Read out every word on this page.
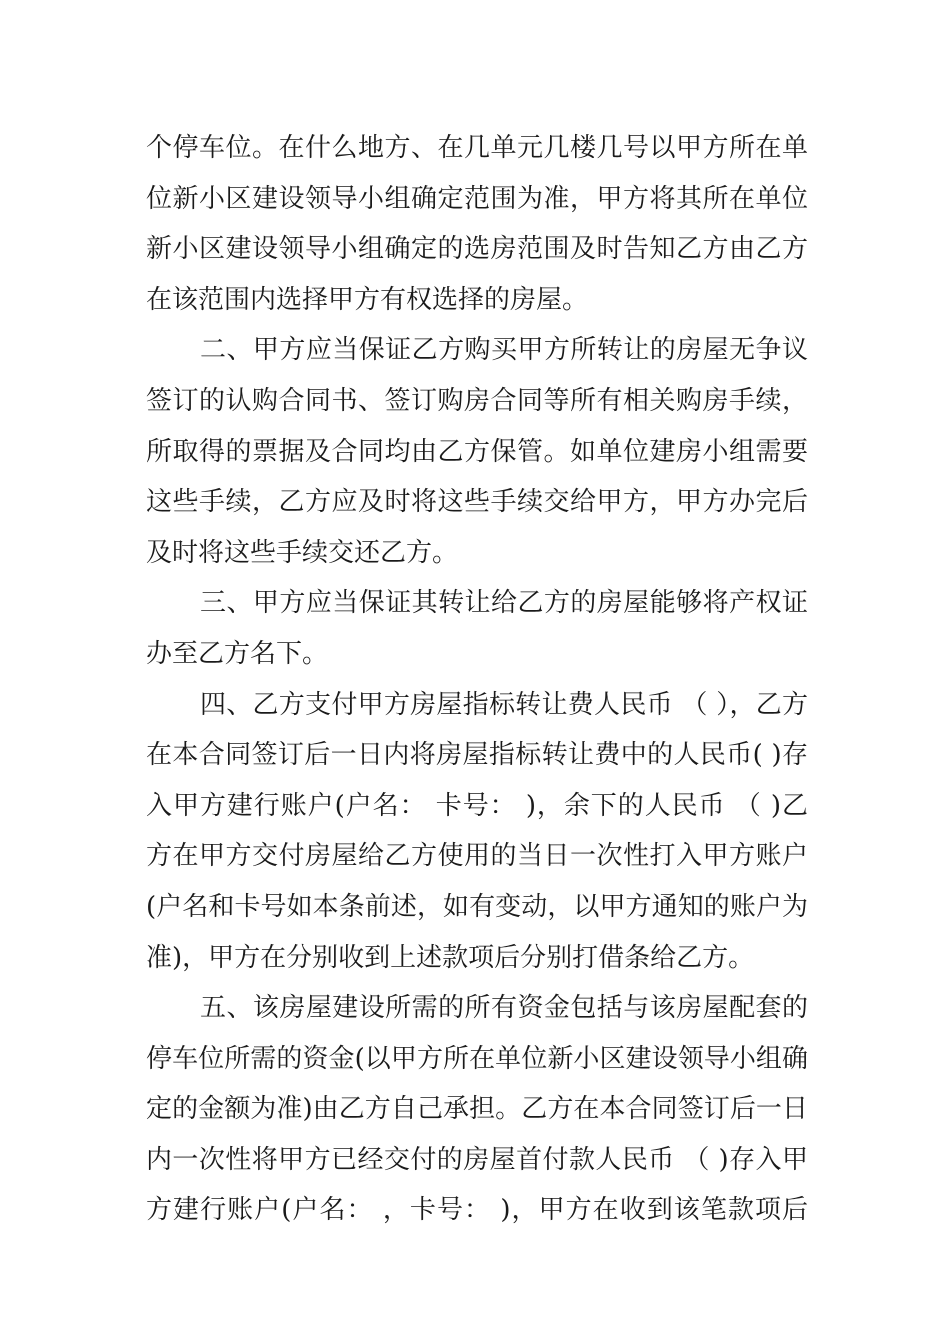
个停车位。在什么地方、在几单元几楼几号以甲方所在单
位新小区建设领导小组确定范围为准，甲方将其所在单位
新小区建设领导小组确定的选房范围及时告知乙方由乙方
在该范围内选择甲方有权选择的房屋。
二、甲方应当保证乙方购买甲方所转让的房屋无争议
签订的认购合同书、签订购房合同等所有相关购房手续，
所取得的票据及合同均由乙方保管。如单位建房小组需要
这些手续，乙方应及时将这些手续交给甲方，甲方办完后
及时将这些手续交还乙方。
三、甲方应当保证其转让给乙方的房屋能够将产权证
办至乙方名下。
四、乙方支付甲方房屋指标转让费人民币 （ ），乙方
在本合同签订后一日内将房屋指标转让费中的人民币( )存
入甲方建行账户(户名： 卡号： )，余下的人民币 （ )乙
方在甲方交付房屋给乙方使用的当日一次性打入甲方账户
(户名和卡号如本条前述，如有变动，以甲方通知的账户为
准)，甲方在分别收到上述款项后分别打借条给乙方。
五、该房屋建设所需的所有资金包括与该房屋配套的
停车位所需的资金(以甲方所在单位新小区建设领导小组确
定的金额为准)由乙方自己承担。乙方在本合同签订后一日
内一次性将甲方已经交付的房屋首付款人民币 （ )存入甲
方建行账户(户名： ，卡号： )，甲方在收到该笔款项后
